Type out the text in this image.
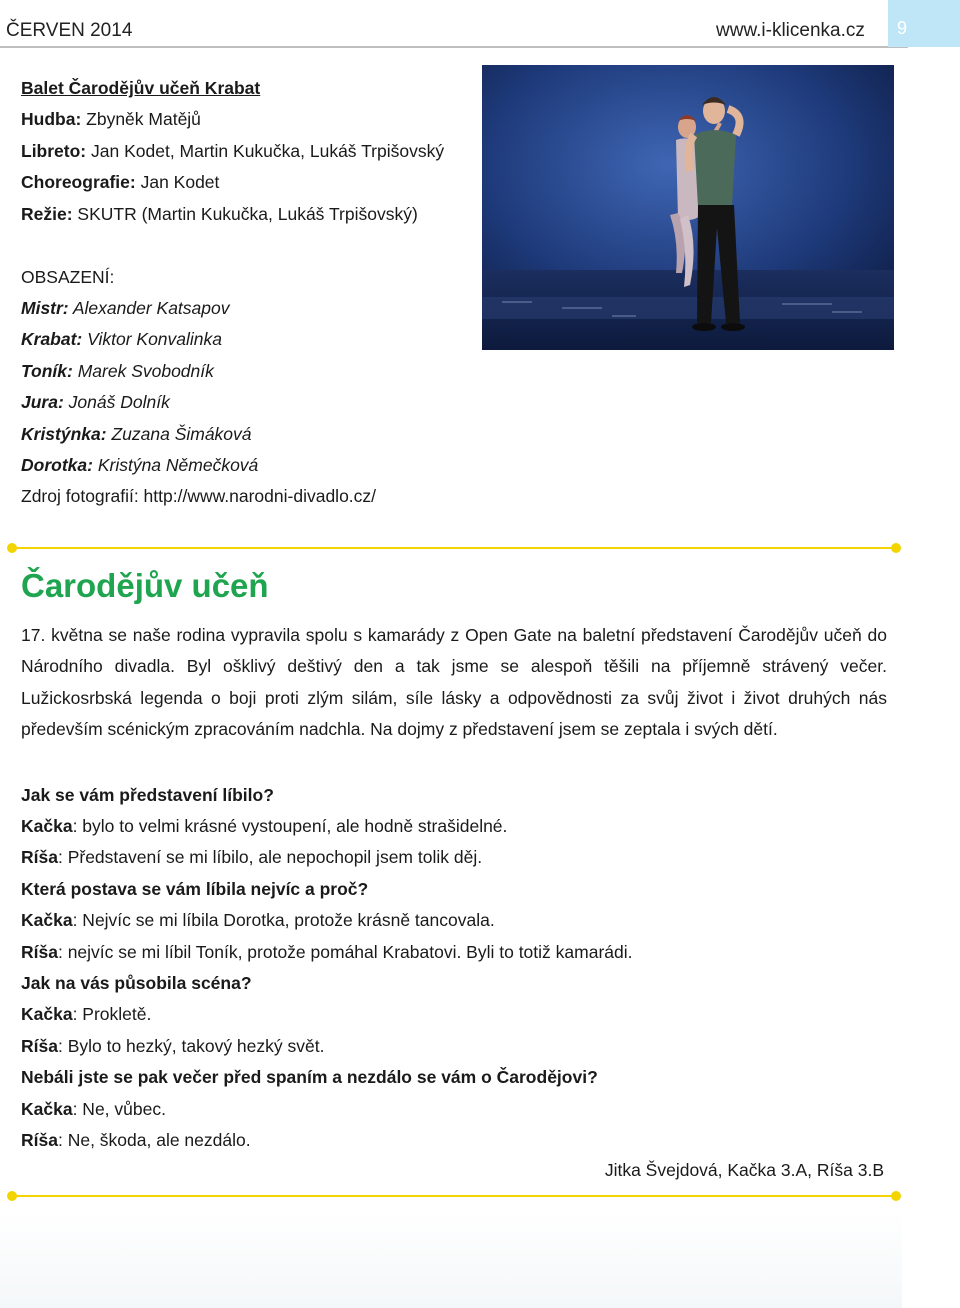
ČERVEN 2014	www.i-klicenka.cz 9
Balet Čarodějův učeň Krabat
Hudba: Zbyněk Matějů
Libreto: Jan Kodet, Martin Kukučka, Lukáš Trpišovský
Choreografie: Jan Kodet
Režie: SKUTR (Martin Kukučka, Lukáš Trpišovský)
OBSAZENÍ:
Mistr: Alexander Katsapov
Krabat: Viktor Konvalinka
Toník: Marek Svobodník
Jura: Jonáš Dolník
Kristýnka: Zuzana Šimáková
Dorotka: Kristýna Němečková
Zdroj fotografií: http://www.narodni-divadlo.cz/
Čarodějův učeň
17. května se naše rodina vypravila spolu s kamarády z Open Gate na baletní představení Čarodějův učeň do Národního divadla. Byl ošklivý deštivý den a tak jsme se alespoň těšili na příjemně strávený večer. Lužickosrbská legenda o boji proti zlým silám, síle lásky a odpovědnosti za svůj život i život druhých nás především scénickým zpracováním nadchla. Na dojmy z představení jsem se zeptala i svých dětí.
Jak se vám představení líbilo?
Kačka: bylo to velmi krásné vystoupení, ale hodně strašidelné.
Ríša: Představení se mi líbilo, ale nepochopil jsem tolik děj.
Která postava se vám líbila nejvíc a proč?
Kačka: Nejvíc se mi líbila Dorotka, protože krásně tancovala.
Ríša: nejvíc se mi líbil Toník, protože pomáhal Krabatovi. Byli to totiž kamarádi.
Jak na vás působila scéna?
Kačka: Prokletě.
Ríša: Bylo to hezký, takový hezký svět.
Nebáli jste se pak večer před spaním a nezdálo se vám o Čarodějovi?
Kačka: Ne, vůbec.
Ríša: Ne, škoda, ale nezdálo.
Jitka Švejdová, Kačka 3.A, Ríša 3.B
